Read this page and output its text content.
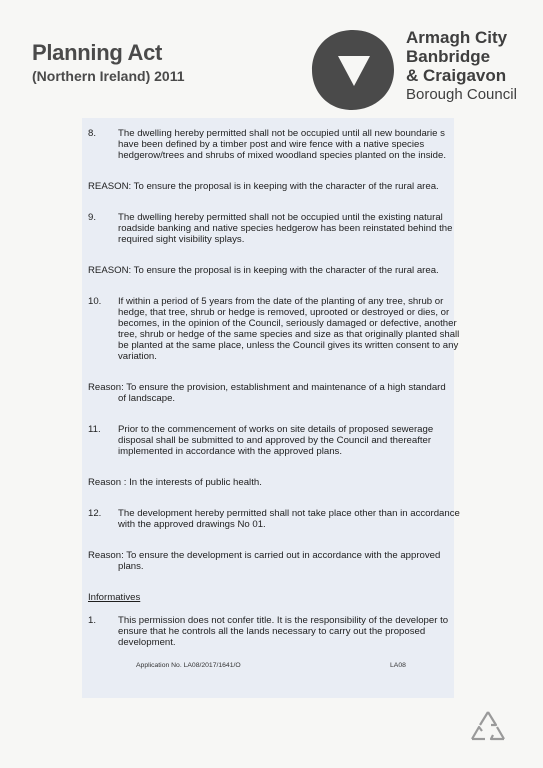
Planning Act
(Northern Ireland) 2011
Armagh City
Banbridge
& Craigavon
Borough Council
8.	The dwelling hereby permitted shall not be occupied until all new boundarie s have been defined by a timber post and wire fence with a native species hedgerow/trees and shrubs of mixed woodland species planted on the inside.
REASON: To ensure the proposal is in keeping with the character of the rural area.
9.	The dwelling hereby permitted shall not be occupied until the existing natural roadside banking and native species hedgerow has been reinstated behind the required sight visibility splays.
REASON: To ensure the proposal is in keeping with the character of the rural area.
10.	If within a period of 5 years from the date of the planting of any tree, shrub or hedge, that tree, shrub or hedge is removed, uprooted or destroyed or dies, or becomes, in the opinion of the Council, seriously damaged or defective, another tree, shrub or hedge of the same species and size as that originally planted shall be planted at the same place, unless the Council gives its written consent to any variation.
Reason: To ensure the provision, establishment and maintenance of a high standard
of landscape.
11.	Prior to the commencement of works on site details of proposed sewerage disposal shall be submitted to and approved by the Council and thereafter implemented in accordance with the approved plans.
Reason : In the interests of public health.
12.	The development hereby permitted shall not take place other than in accordance with the approved drawings No 01.
Reason: To ensure the development is carried out in accordance with the approved
plans.
Informatives
1.	This permission does not confer title. It is the responsibility of the developer to ensure that he controls all the lands necessary to carry out the proposed development.
Application No. LA08/2017/1641/O	LA08
